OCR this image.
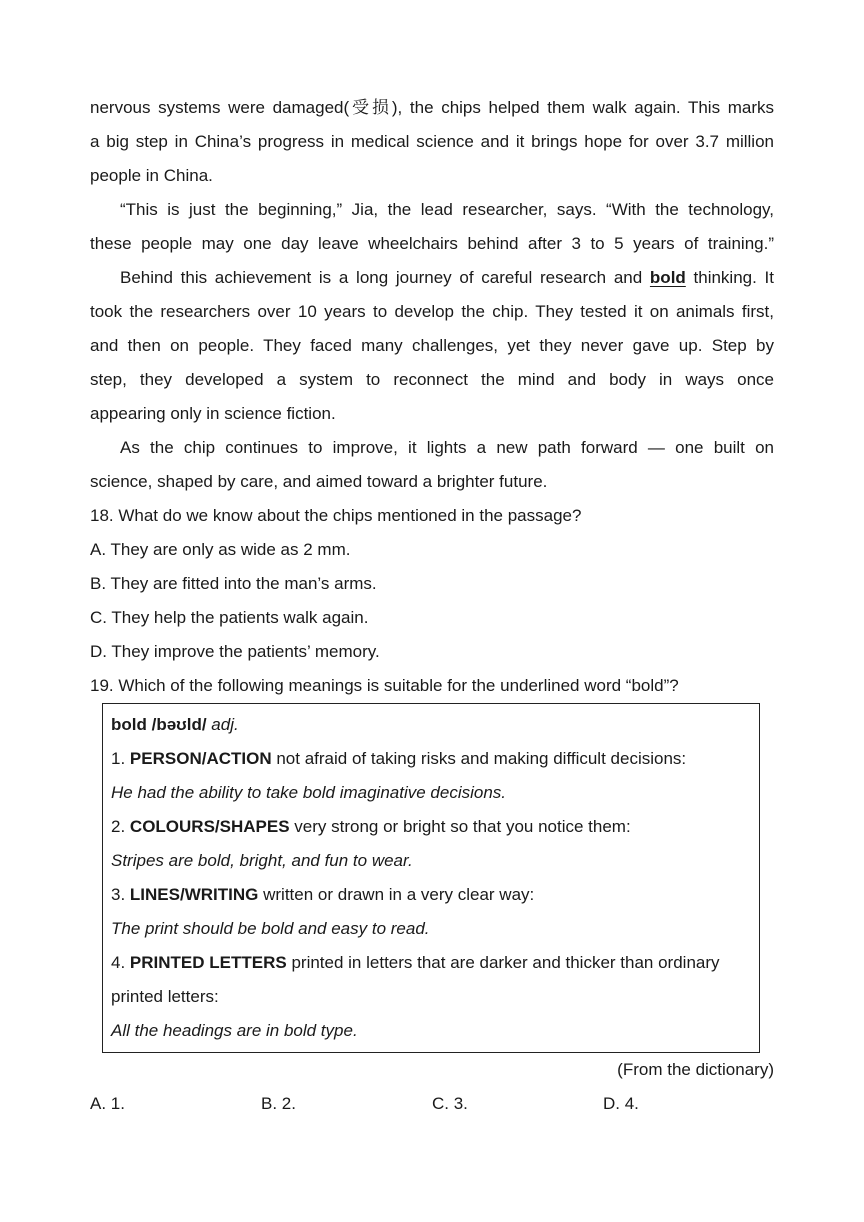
nervous systems were damaged(受损), the chips helped them walk again. This marks
a big step in China’s progress in medical science and it brings hope for over 3.7 million
people in China.
“This is just the beginning,” Jia, the lead researcher, says. “With the technology,
these people may one day leave wheelchairs behind after 3 to 5 years of training.”
Behind this achievement is a long journey of careful research and bold thinking. It
took the researchers over 10 years to develop the chip. They tested it on animals first,
and then on people. They faced many challenges, yet they never gave up. Step by
step, they developed a system to reconnect the mind and body in ways once
appearing only in science fiction.
As the chip continues to improve, it lights a new path forward — one built on
science, shaped by care, and aimed toward a brighter future.
18. What do we know about the chips mentioned in the passage?
A. They are only as wide as 2 mm.
B. They are fitted into the man’s arms.
C. They help the patients walk again.
D. They improve the patients’ memory.
19. Which of the following meanings is suitable for the underlined word “bold”?
bold /bəʊld/ adj.
1. PERSON/ACTION not afraid of taking risks and making difficult decisions:
He had the ability to take bold imaginative decisions.
2. COLOURS/SHAPES very strong or bright so that you notice them:
Stripes are bold, bright, and fun to wear.
3. LINES/WRITING written or drawn in a very clear way:
The print should be bold and easy to read.
4. PRINTED LETTERS printed in letters that are darker and thicker than ordinary
printed letters:
All the headings are in bold type.
(From the dictionary)
A. 1.	B. 2.	C. 3.	D. 4.
